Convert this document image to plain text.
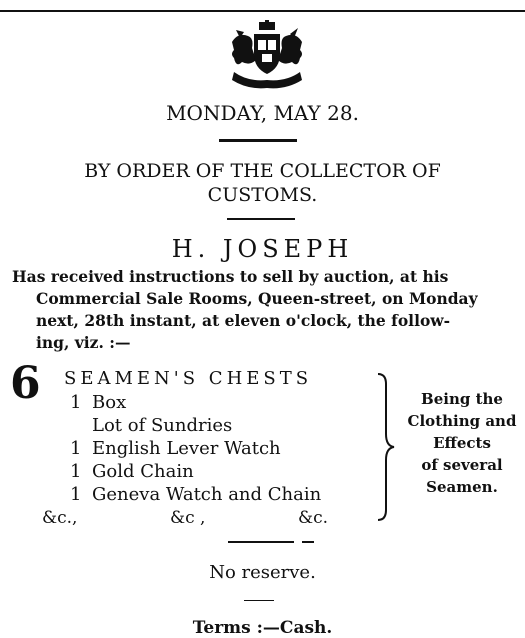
MONDAY, MAY 28.
BY ORDER OF THE COLLECTOR OF
CUSTOMS.
H. JOSEPH
Has received instructions to sell by auction, at his
Commercial Sale Rooms, Queen-street, on Monday
next, 28th instant, at eleven o'clock, the follow-
ing, viz. :—
6 SEAMEN'S CHESTS
1 Box
Lot of Sundries
1 English Lever Watch
1 Gold Chain
1 Geneva Watch and Chain
&c.,	&c ,	&c.
Being the
Clothing and
Effects
of several
Seamen.
No reserve.
Terms :—Cash.
